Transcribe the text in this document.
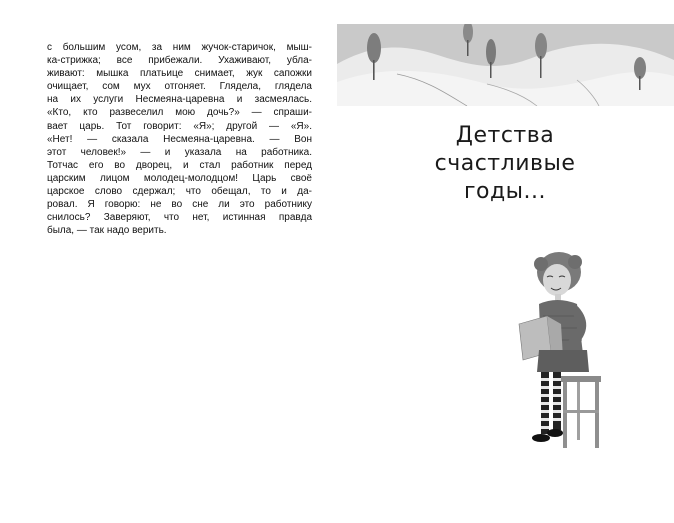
с большим усом, за ним жучок-старичок, мыш-
ка-стрижка; все прибежали. Ухаживают, убла-
живают: мышка платьице снимает, жук сапожки
очищает, сом мух отгоняет. Глядела, глядела
на их услуги Несмеяна-царевна и засмеялась.
«Кто, кто развеселил мою дочь?» — спраши-
вает царь. Тот говорит: «Я»; другой — «Я».
«Нет! — сказала Несмеяна-царевна. — Вон
этот человек!» — и указала на работника.
Тотчас его во дворец, и стал работник перед
царским лицом молодец-молодцом! Царь своё
царское слово сдержал; что обещал, то и да-
ровал. Я говорю: не во сне ли это работнику
снилось? Заверяют, что нет, истинная правда
была, — так надо верить.

Детства
счастливые
годы...
